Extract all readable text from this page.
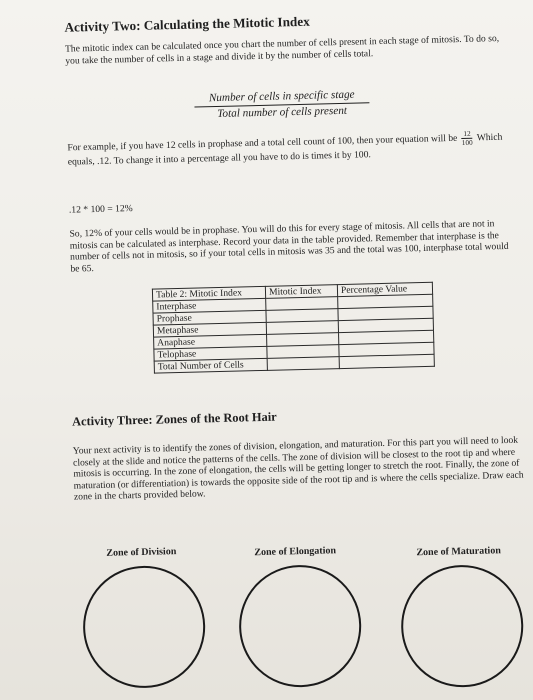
Activity Two: Calculating the Mitotic Index

The mitotic index can be calculated once you chart the number of cells present in each stage of mitosis. To do so, you take the number of cells in a stage and divide it by the number of cells total.

Number of cells in specific stage
Total number of cells present

For example, if you have 12 cells in prophase and a total cell count of 100, then your equation will be $\frac{12}{100}$ Which equals, .12. To change it into a percentage all you have to do is times it by 100.

.12 * 100 = 12%

So, 12% of your cells would be in prophase. You will do this for every stage of mitosis. All cells that are not in mitosis can be calculated as interphase. Record your data in the table provided. Remember that interphase is the number of cells not in mitosis, so if your total cells in mitosis was 35 and the total was 100, interphase total would be 65.

Table 2: Mitotic Index	Mitotic Index	Percentage Value
Interphase		
Prophase		
Metaphase		
Anaphase		
Telophase		
Total Number of Cells		
Activity Three: Zones of the Root Hair

Your next activity is to identify the zones of division, elongation, and maturation. For this part you will need to look closely at the slide and notice the patterns of the cells. The zone of division will be closest to the root tip and where mitosis is occurring. In the zone of elongation, the cells will be getting longer to stretch the root. Finally, the zone of maturation (or differentiation) is towards the opposite side of the root tip and is where the cells specialize. Draw each zone in the charts provided below.

Zone of Division	Zone of Elongation	Zone of Maturation
